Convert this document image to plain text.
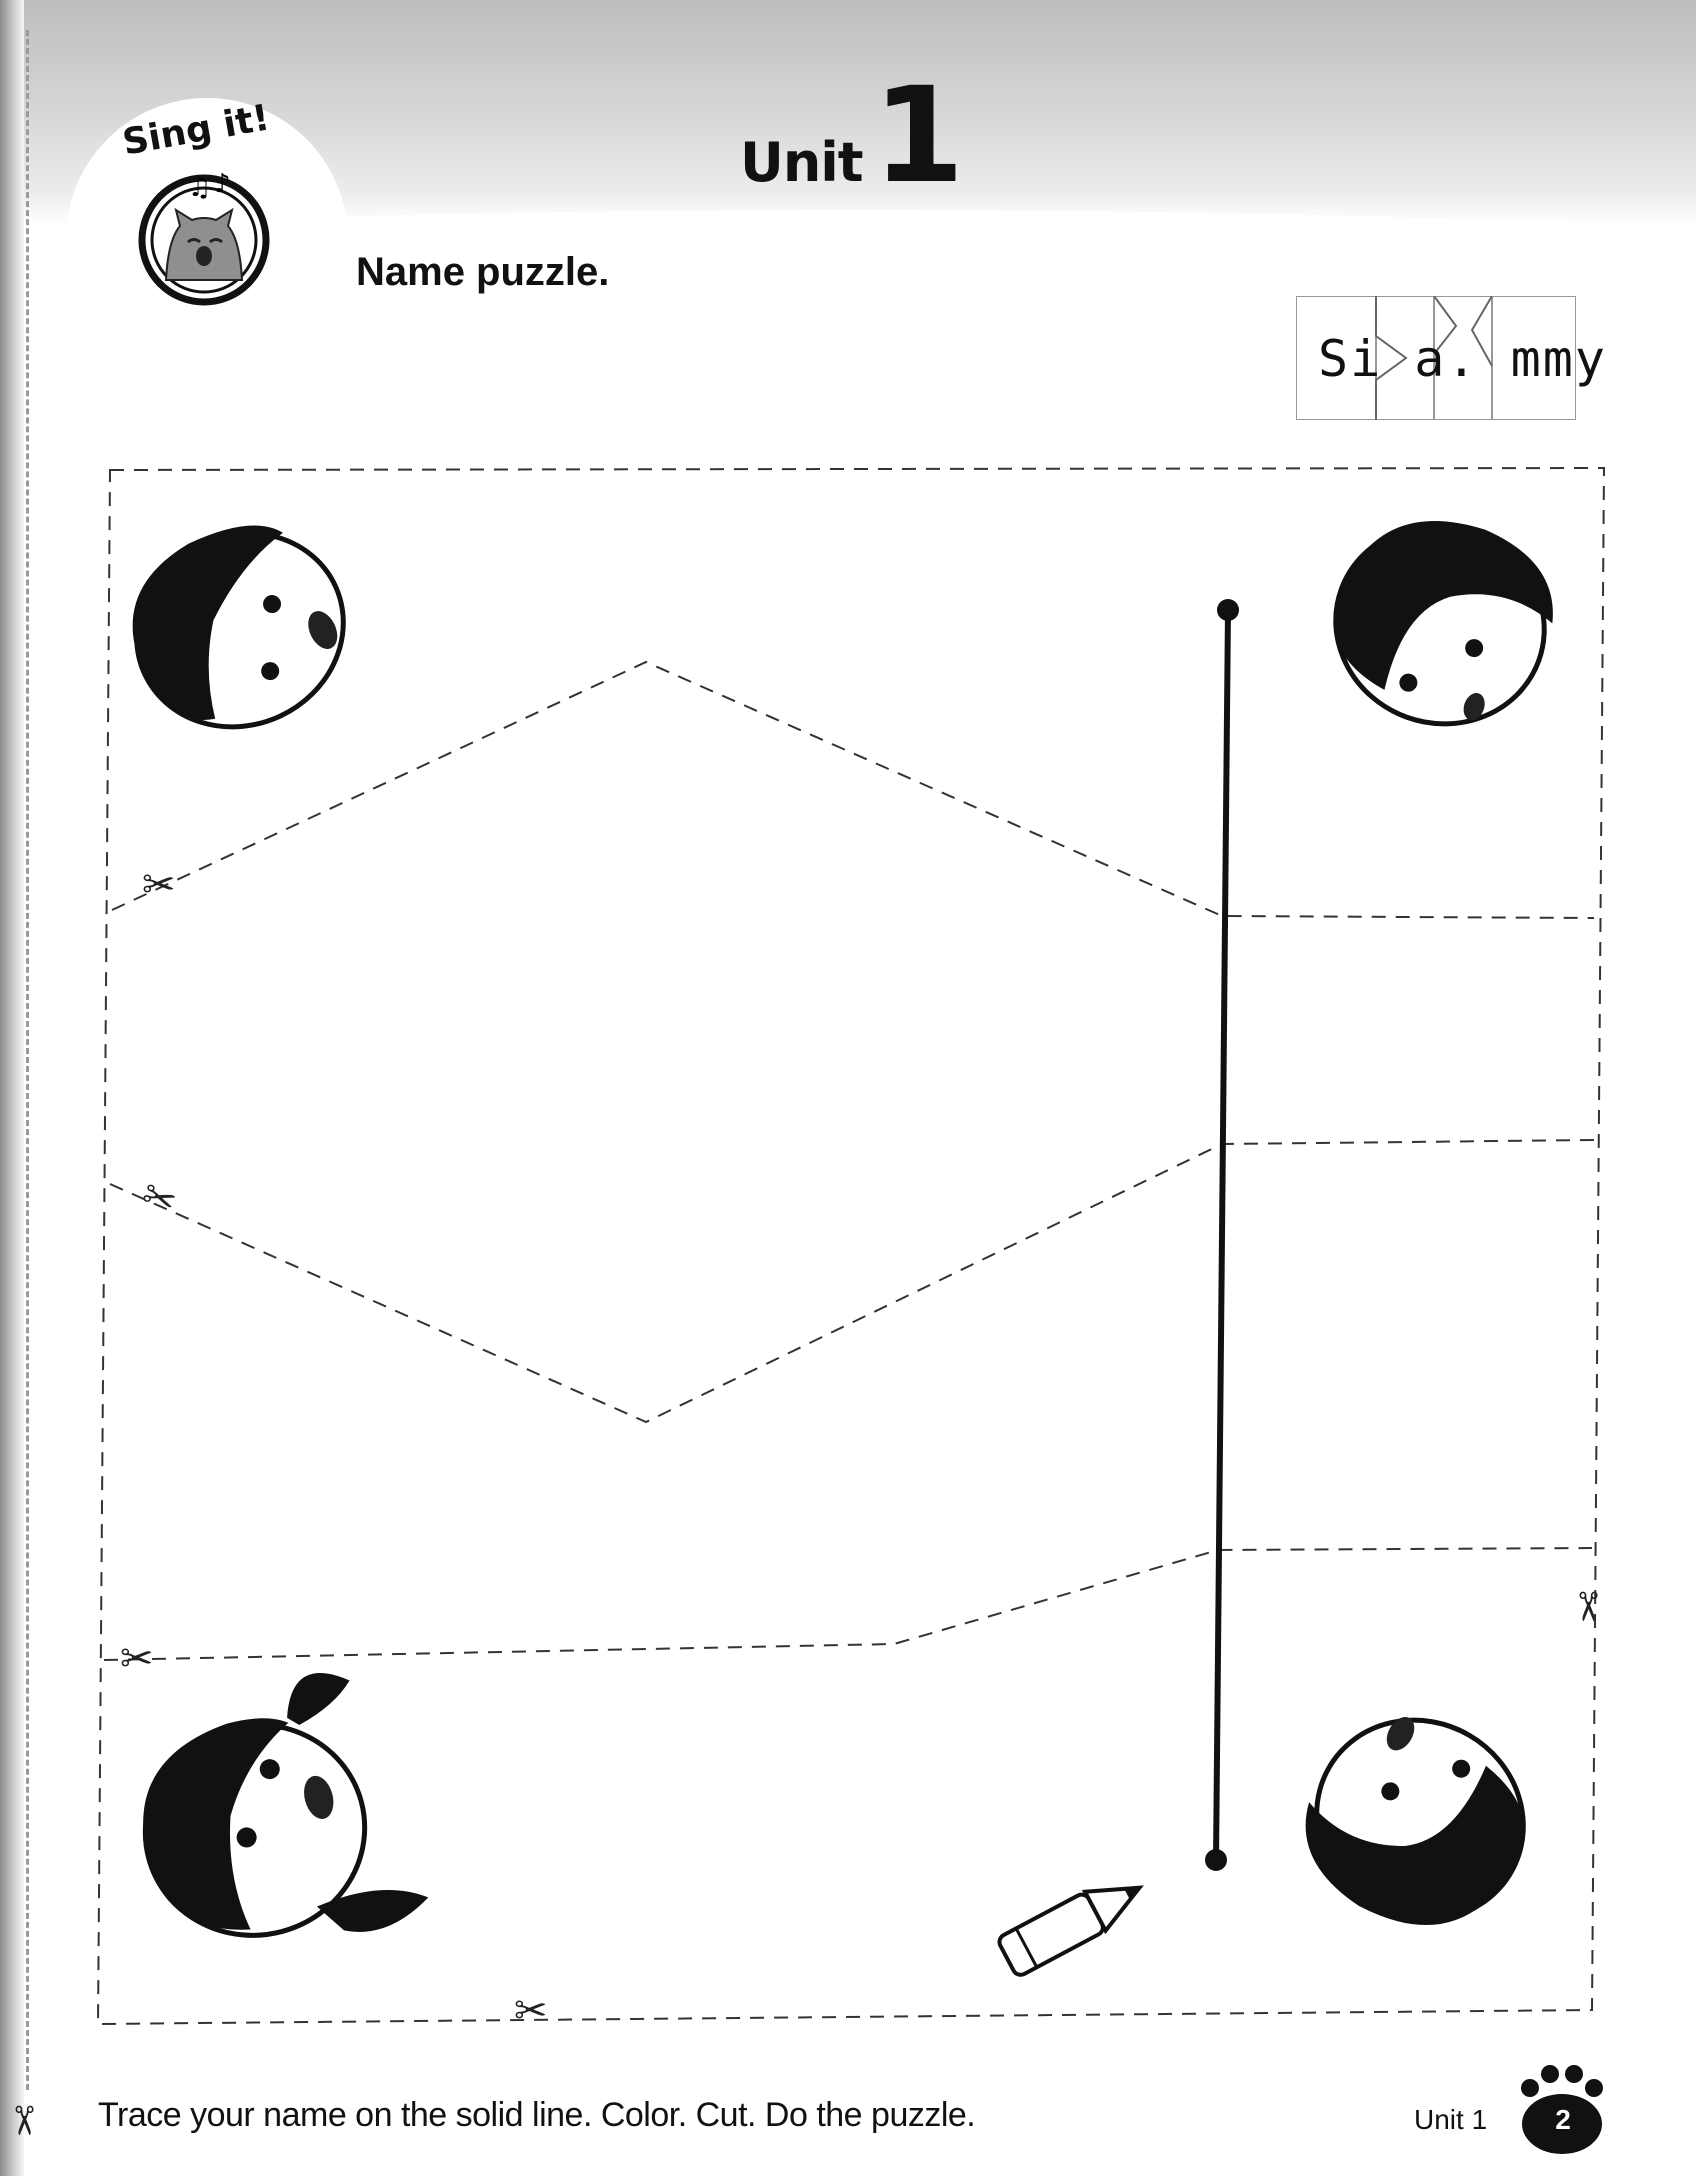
Sing it!
♫ ♪	Unit1
Name puzzle.
Si a. mmy
✂
✂
✂
✂
✂
✂ Trace your name on the solid line. Color. Cut. Do the puzzle.	Unit 1	2
